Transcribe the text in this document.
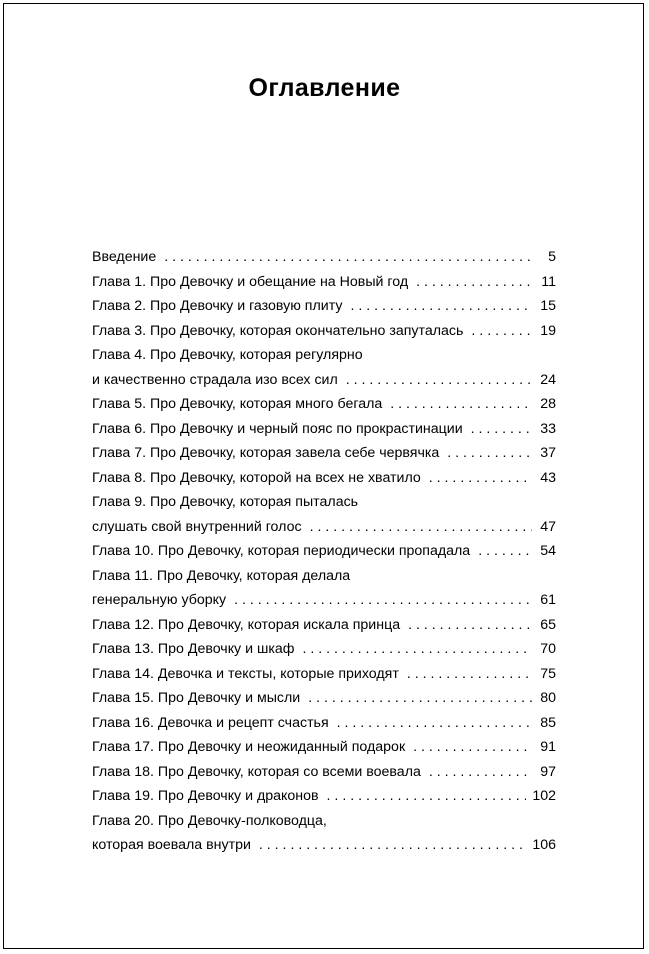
Оглавление
Введение . . .	5
Глава 1. Про Девочку и обещание на Новый год . . .	11
Глава 2. Про Девочку и газовую плиту . . .	15
Глава 3. Про Девочку, которая окончательно запуталась . . .	19
Глава 4. Про Девочку, которая регулярно
и качественно страдала изо всех сил . . .	24
Глава 5. Про Девочку, которая много бегала . . .	28
Глава 6. Про Девочку и черный пояс по прокрастинации . . .	33
Глава 7. Про Девочку, которая завела себе червячка . . .	37
Глава 8. Про Девочку, которой на всех не хватило . . .	43
Глава 9. Про Девочку, которая пыталась
слушать свой внутренний голос . . .	47
Глава 10. Про Девочку, которая периодически пропадала . . .	54
Глава 11. Про Девочку, которая делала
генеральную уборку . . .	61
Глава 12. Про Девочку, которая искала принца . . .	65
Глава 13. Про Девочку и шкаф . . .	70
Глава 14. Девочка и тексты, которые приходят . . .	75
Глава 15. Про Девочку и мысли . . .	80
Глава 16. Девочка и рецепт счастья . . .	85
Глава 17. Про Девочку и неожиданный подарок . . .	91
Глава 18. Про Девочку, которая со всеми воевала . . .	97
Глава 19. Про Девочку и драконов . . .	102
Глава 20. Про Девочку-полководца,
которая воевала внутри . . .	106
